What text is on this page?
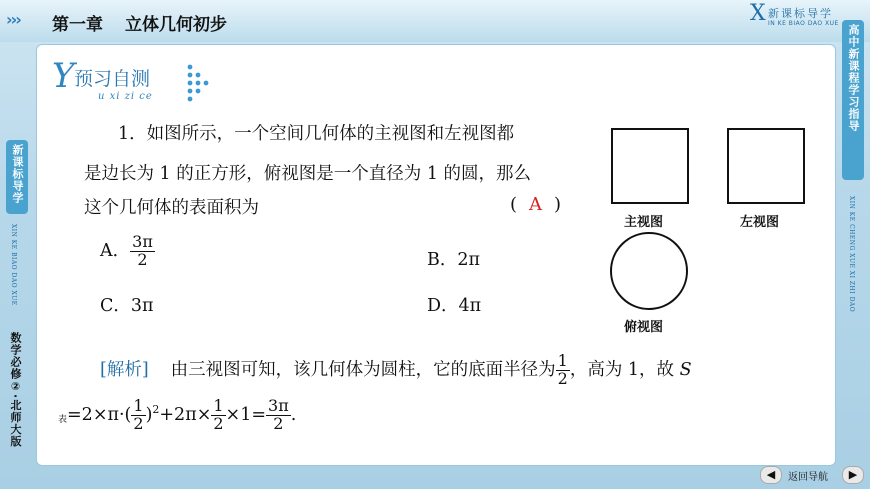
››› 第一章 立体几何初步	X 新课标导学
IN KE BIAO DAO XUE
新课标导学
XIN KE BIAO DAO XUE
数学必修②·北师大版
高中新课程学习指导
XIN KE CHENG XUE XI ZHI DAO
Y 预习自测
u xi zi ce
1．如图所示，一个空间几何体的主视图和左视图都
是边长为 1 的正方形，俯视图是一个直径为 1 的圆，那么
这个几何体的表面积为	( A )
A． $\frac{3\pi}{2}$	B．2π
C．3π	D．4π
主视图	左视图
俯视图
[解析] 由三视图可知，该几何体为圆柱，它的底面半径为 $\frac{1}{2}$ ，高为 1，故 S
$_表=2\times\pi\cdot( \frac{1}{2} )^2+2\pi\times \frac{1}{2} \times 1= \frac{3\pi}{2}$ .
◀	返回导航	▶
